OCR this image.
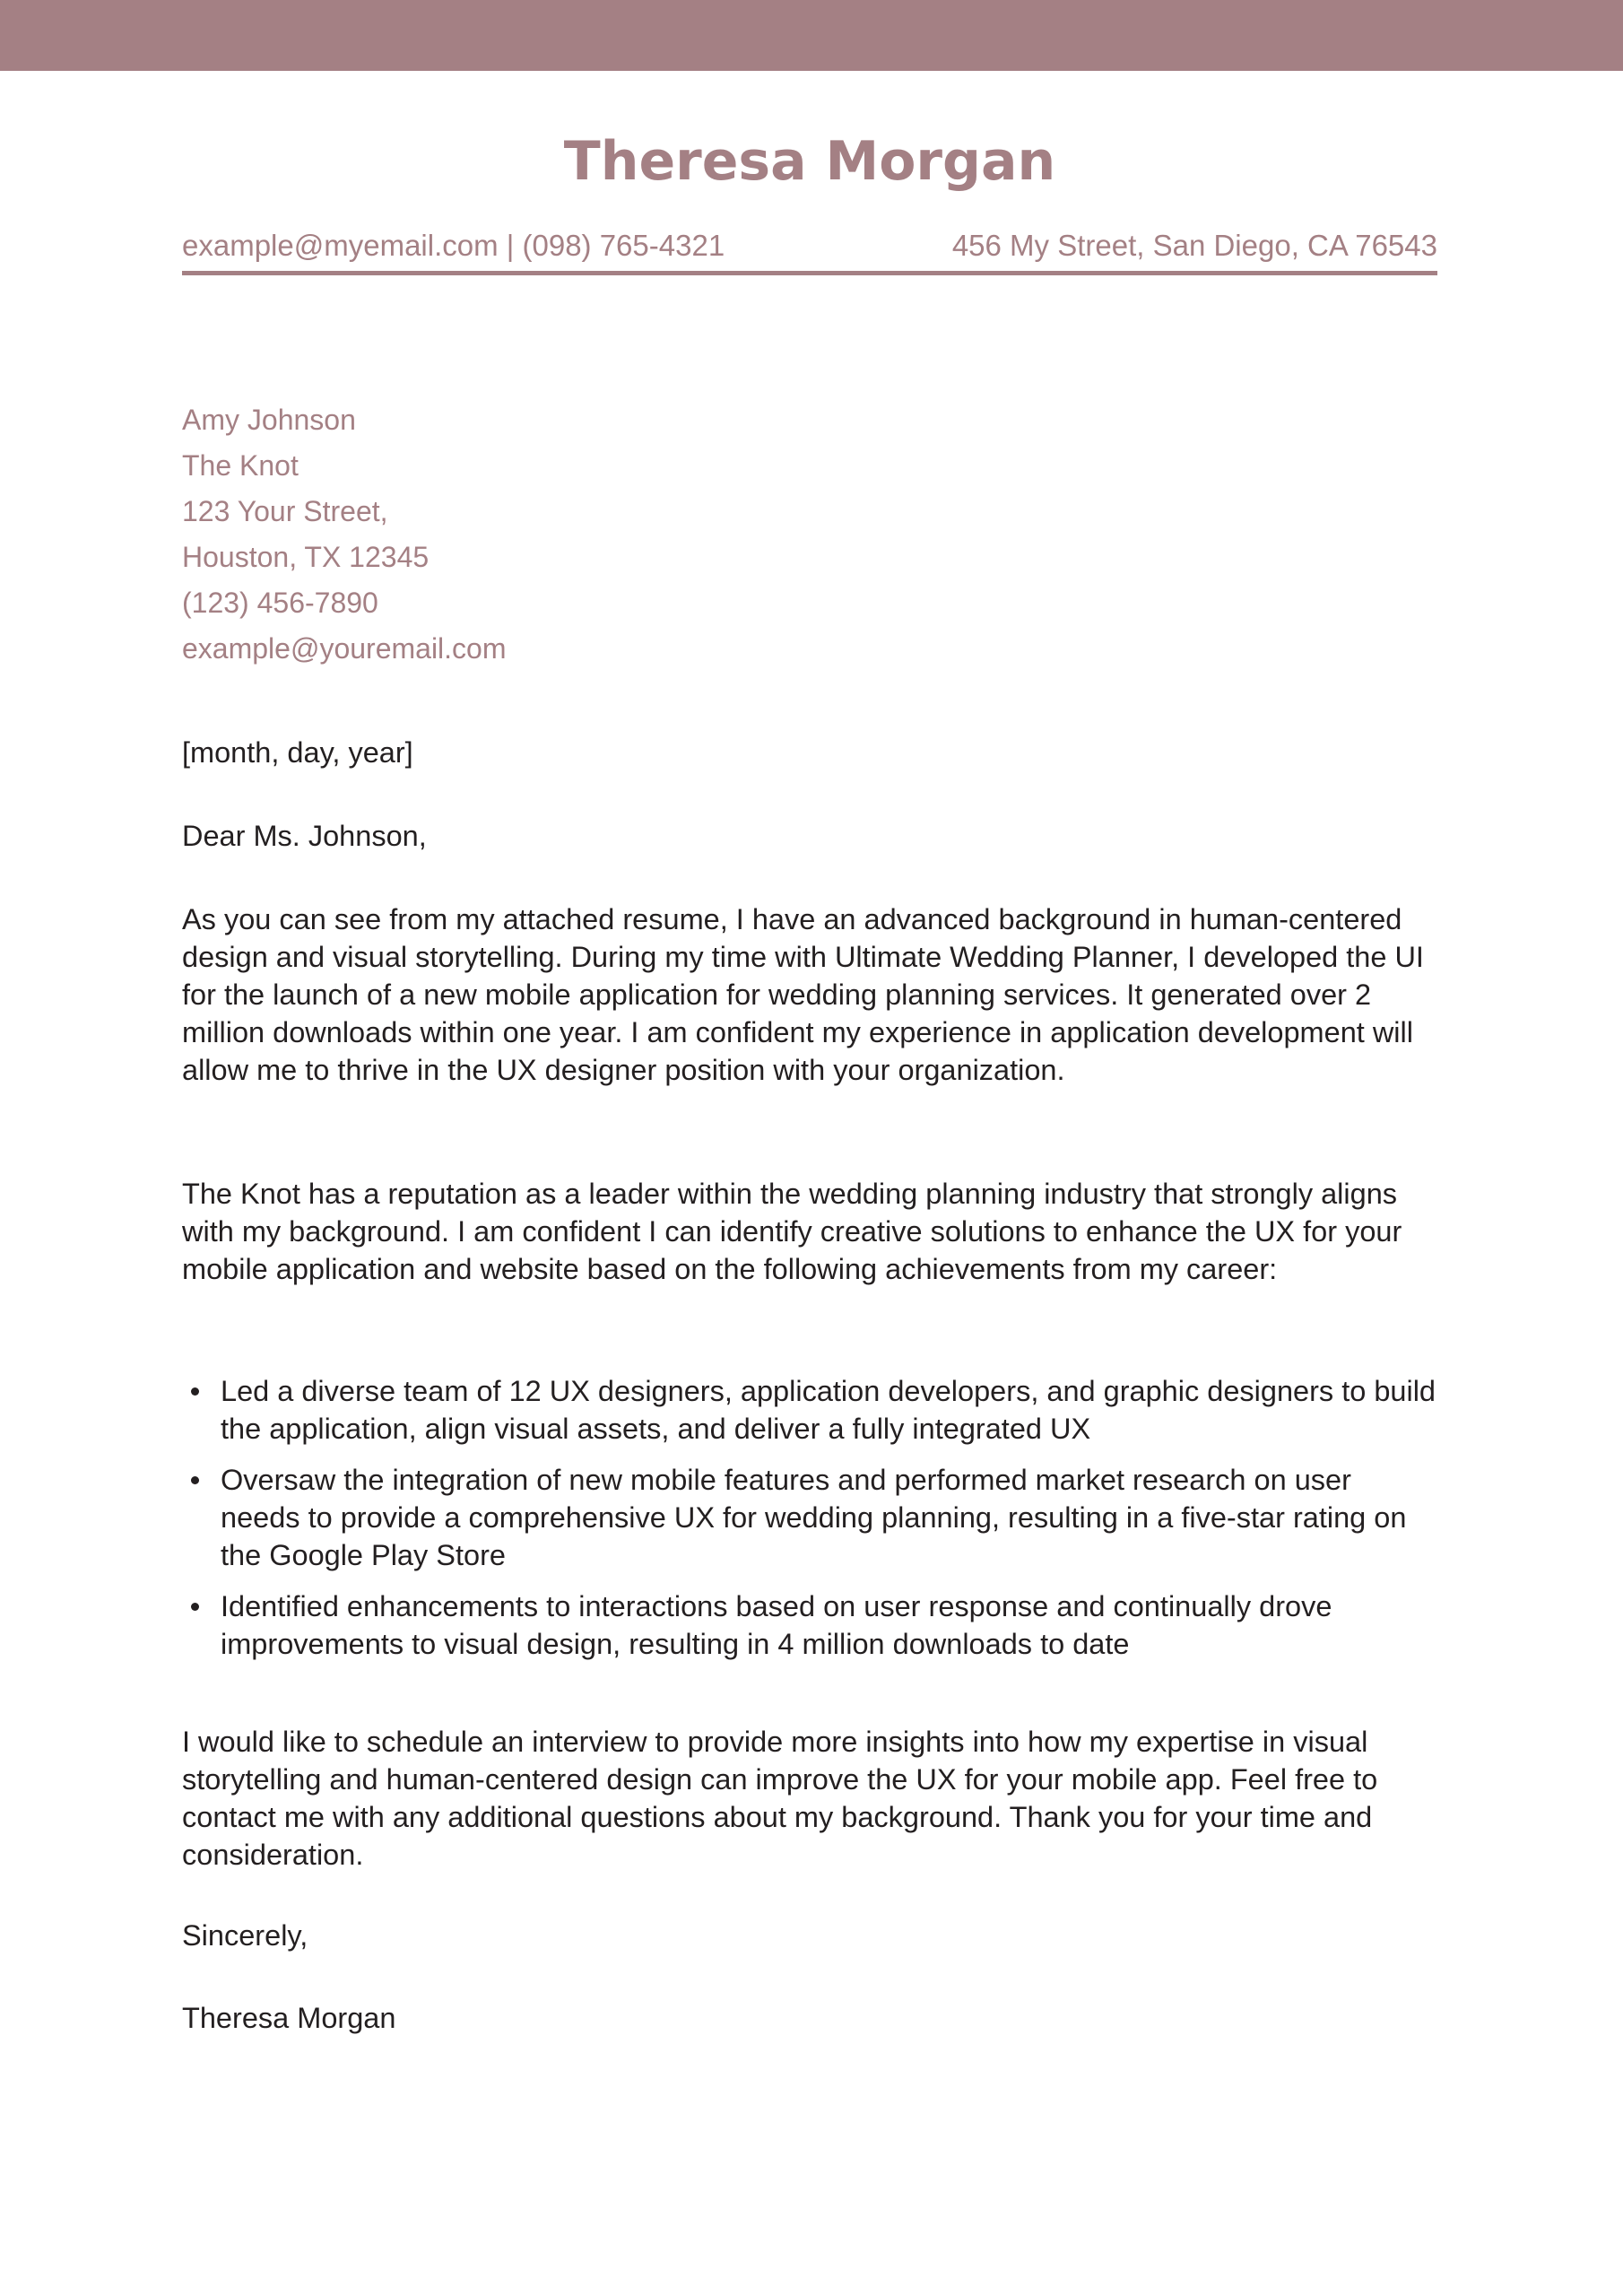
Theresa Morgan
example@myemail.com | (098) 765-4321	456 My Street, San Diego, CA 76543
Amy Johnson
The Knot
123 Your Street,
Houston, TX 12345
(123) 456-7890
example@youremail.com
[month, day, year]
Dear Ms. Johnson,
As you can see from my attached resume, I have an advanced background in human-centered design and visual storytelling. During my time with Ultimate Wedding Planner, I developed the UI for the launch of a new mobile application for wedding planning services. It generated over 2 million downloads within one year. I am confident my experience in application development will allow me to thrive in the UX designer position with your organization.
The Knot has a reputation as a leader within the wedding planning industry that strongly aligns with my background. I am confident I can identify creative solutions to enhance the UX for your mobile application and website based on the following achievements from my career:
Led a diverse team of 12 UX designers, application developers, and graphic designers to build the application, align visual assets, and deliver a fully integrated UX
Oversaw the integration of new mobile features and performed market research on user needs to provide a comprehensive UX for wedding planning, resulting in a five-star rating on the Google Play Store
Identified enhancements to interactions based on user response and continually drove improvements to visual design, resulting in 4 million downloads to date
I would like to schedule an interview to provide more insights into how my expertise in visual storytelling and human-centered design can improve the UX for your mobile app. Feel free to contact me with any additional questions about my background. Thank you for your time and consideration.
Sincerely,
Theresa Morgan
